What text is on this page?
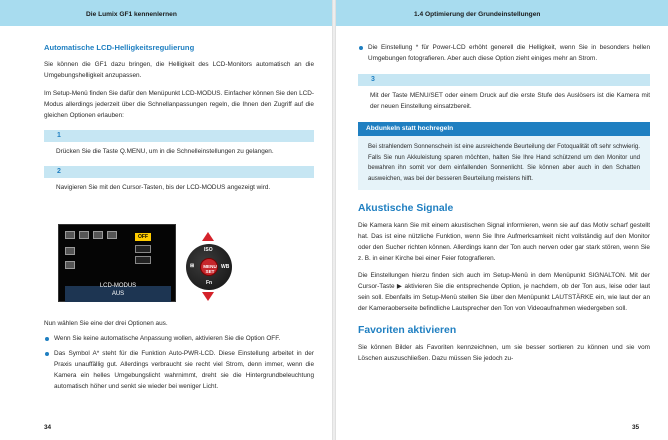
Die Lumix GF1 kennenlernen
Automatische LCD-Helligkeitsregulierung

Sie können die GF1 dazu bringen, die Helligkeit des LCD-Monitors automatisch an die Umgebungshelligkeit anzupassen.

Im Setup-Menü finden Sie dafür den Menüpunkt LCD-MODUS. Einfacher können Sie den LCD-Modus allerdings jederzeit über die Schnellanpassungen regeln, die Ihnen den Zugriff auf die gleichen Optionen erlauben:

1

Drücken Sie die Taste Q.MENU, um in die Schnelleinstellungen zu gelangen.

2

Navigieren Sie mit den Cursor-Tasten, bis der LCD-MODUS angezeigt wird.

OFF
LCD-MODUS
AUS
ISO
Fn
WB
⊞	MENU SET

Nun wählen Sie eine der drei Optionen aus.

Wenn Sie keine automatische Anpassung wollen, aktivieren Sie die Option OFF.
Das Symbol A* steht für die Funktion Auto-PWR-LCD. Diese Einstellung arbeitet in der Praxis unauffällig gut. Allerdings verbraucht sie recht viel Strom, denn immer, wenn die Kamera ein helles Umgebungslicht wahrnimmt, dreht sie die Hintergrundbeleuchtung automatisch höher und senkt sie wieder bei weniger Licht.
34
1.4 Optimierung der Grundeinstellungen
Die Einstellung * für Power-LCD erhöht generell die Helligkeit, wenn Sie in besonders hellen Umgebungen fotografieren. Aber auch diese Option zieht einiges mehr an Strom.
3

Mit der Taste MENU/SET oder einem Druck auf die erste Stufe des Auslösers ist die Kamera mit der neuen Einstellung einsatzbereit.

Abdunkeln statt hochregeln
Bei strahlendem Sonnenschein ist eine ausreichende Beurteilung der Fotoqualität oft sehr schwierig. Falls Sie nun Akkuleistung sparen möchten, halten Sie Ihre Hand schützend um den Monitor und bewahren ihn somit vor dem einfallenden Sonnenlicht. Sie können aber auch in den Schatten ausweichen, was bei der besseren Beurteilung meistens hilft.
Akustische Signale

Die Kamera kann Sie mit einem akustischen Signal informieren, wenn sie auf das Motiv scharf gestellt hat. Das ist eine nützliche Funktion, wenn Sie Ihre Aufmerksamkeit nicht vollständig auf den Monitor oder den Sucher richten können. Allerdings kann der Ton auch nerven oder gar stark stören, wenn Sie z. B. in einer Kirche bei einer Feier fotografieren.

Die Einstellungen hierzu finden sich auch im Setup-Menü in dem Menüpunkt SIGNALTON. Mit der Cursor-Taste ▶ aktivieren Sie die entsprechende Option, je nachdem, ob der Ton aus, leise oder laut sein soll. Ebenfalls im Setup-Menü stellen Sie über den Menüpunkt LAUTSTÄRKE ein, wie laut der an der Kameraoberseite befindliche Lautsprecher den Ton von Videoaufnahmen wiedergeben soll.

Favoriten aktivieren

Sie können Bilder als Favoriten kennzeichnen, um sie besser sortieren zu können und sie vom Löschen auszuschließen. Dazu müssen Sie jedoch zu-

35
